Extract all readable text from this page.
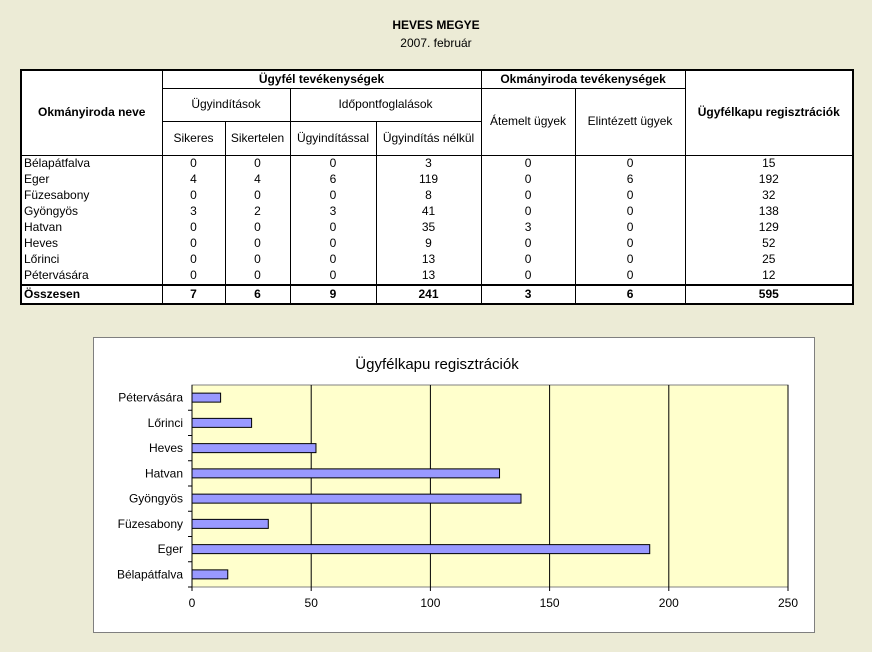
HEVES MEGYE
2007. február
Okmányiroda neve	Ügyfél tevékenységek				Okmányiroda tevékenységek		Ügyfélkapu regisztrációk
	Ügyindítások		Időpontfoglalások		Átemelt ügyek	Elintézett ügyek	
	Sikeres	Sikertelen	Ügyindítással	Ügyindítás nélkül			
Bélapátfalva	0	0	0	3	0	0	15
Eger	4	4	6	119	0	6	192
Füzesabony	0	0	0	8	0	0	32
Gyöngyös	3	2	3	41	0	0	138
Hatvan	0	0	0	35	3	0	129
Heves	0	0	0	9	0	0	52
Lőrinci	0	0	0	13	0	0	25
Pétervására	0	0	0	13	0	0	12
Összesen	7	6	9	241	3	6	595
Ügyfélkapu regisztrációk
Bélapátfalva
Eger
Füzesabony
Gyöngyös
Hatvan
Heves
Lőrinci
Pétervására
0	50	100	150	200	250
